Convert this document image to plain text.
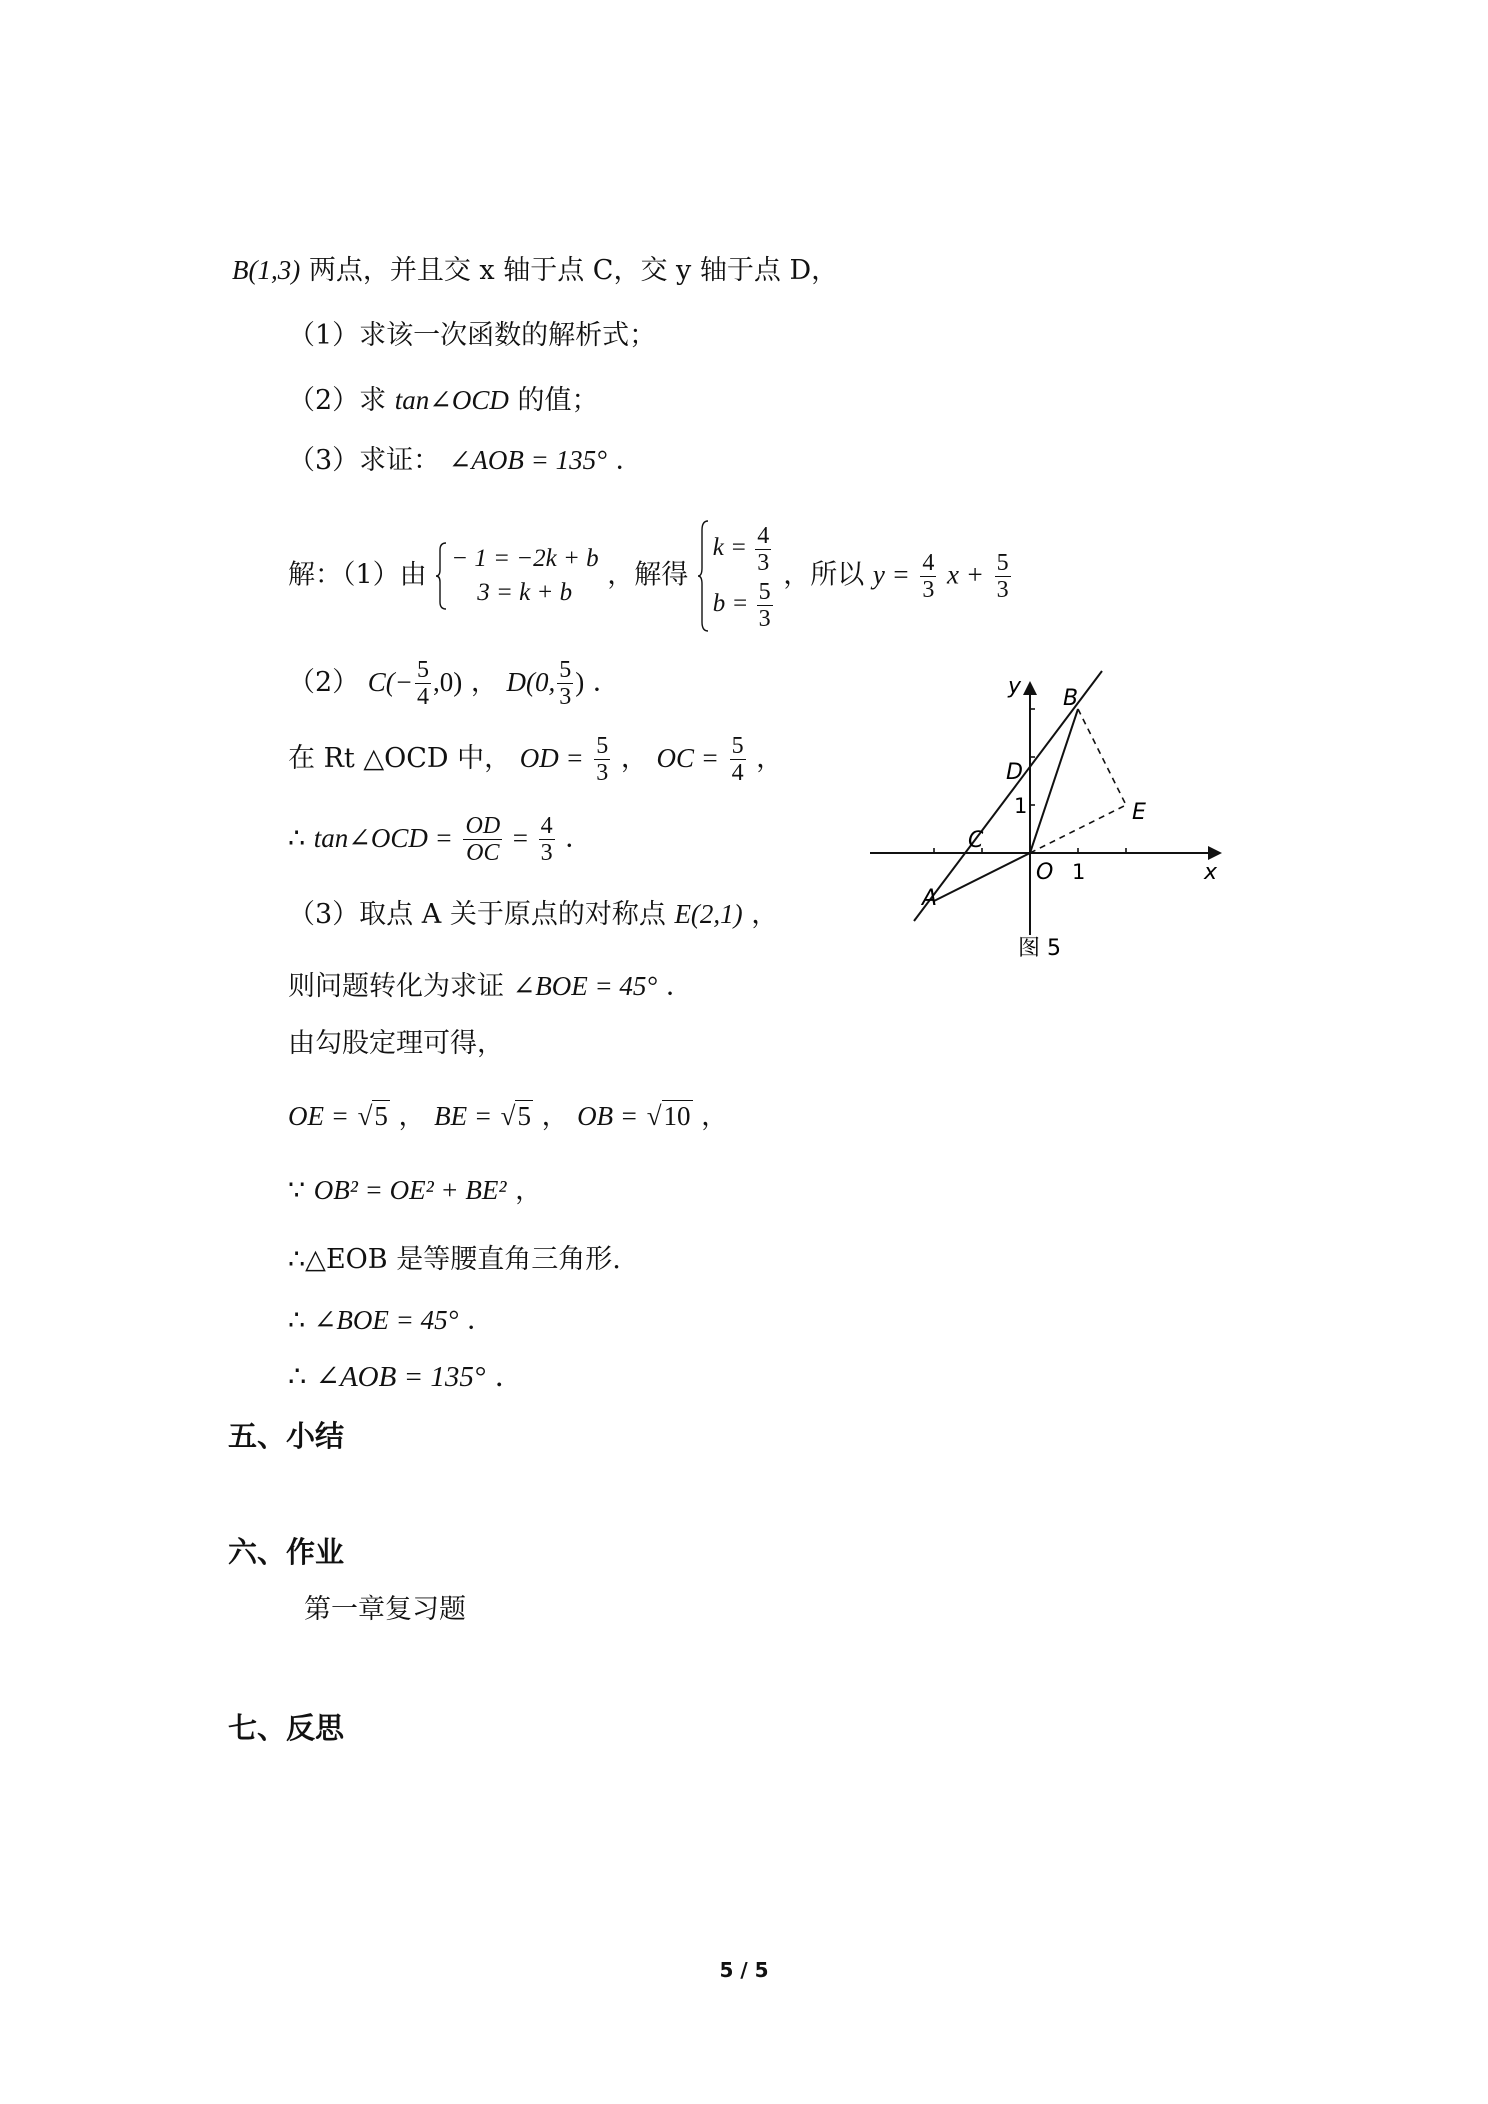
B(1,3) 两点，并且交 x 轴于点 C，交 y 轴于点 D，
（1）求该一次函数的解析式；
（2）求 tan∠OCD 的值；
（3）求证： ∠AOB = 135° ．
解：（1）由
− 1 = −2k + b
3 = k + b
，解得
$k = \frac{4}{3}$
$b = \frac{5}{3}$
，所以 $y = \frac{4}{3}$ $x + \frac{5}{3}$
（2） $C(- \frac{5}{4} ,0)$ ， D(0, $\frac{5}{3}$ ) ．
在 Rt △OCD 中， OD = $\frac{5}{3}$ ， OC = $\frac{5}{4}$ ，
∴ tan∠OCD = $\frac{OD}{OC} = \frac{4}{3}$ ．
（3）取点 A 关于原点的对称点 E(2,1) ，
则问题转化为求证 ∠BOE = 45° ．
由勾股定理可得，
OE = √5 ， BE = √5 ， OB = √10 ，
∵ OB² = OE² + BE² ，
∴△EOB 是等腰直角三角形.
∴ ∠BOE = 45° ．
∴ ∠AOB = 135° ．
五、小结
六、作业
第一章复习题
七、反思
y
x
B
D
E
C
O
A
1
1
图 5
5 / 5
